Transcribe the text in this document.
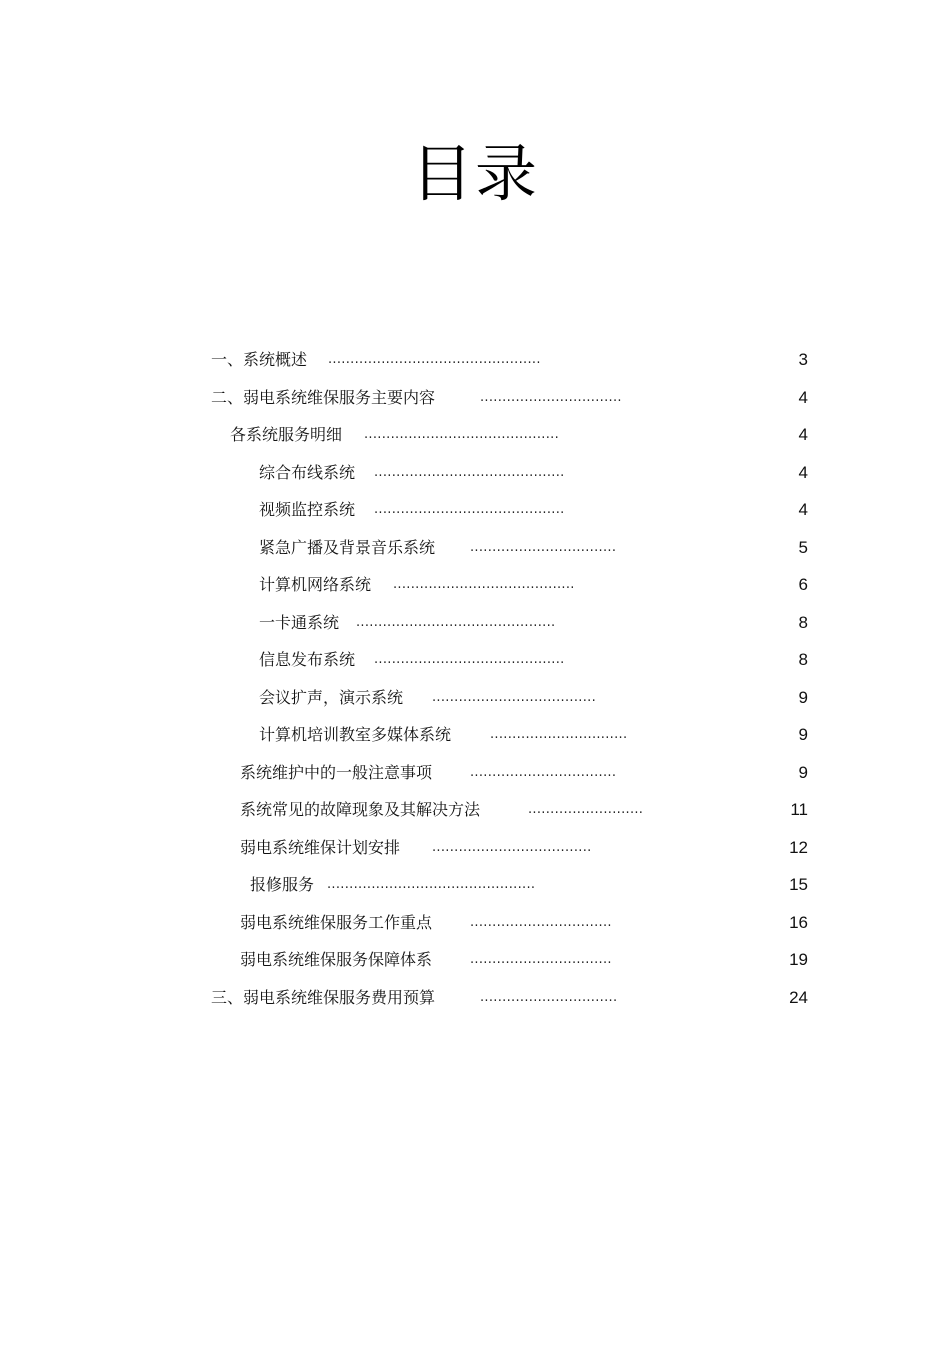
目录
一、系统概述 ................................................	3
二、弱电系统维保服务主要内容	................................	4
各系统服务明细 ............................................	4
综合布线系统 ...........................................	4
视频监控系统 ...........................................	4
紧急广播及背景音乐系统	.................................	5
计算机网络系统 .........................................	6
一卡通系统 .............................................	8
信息发布系统 ...........................................	8
会议扩声，演示系统 .....................................	9
计算机培训教室多媒体系统	...............................	9
系统维护中的一般注意事项	.................................	9
系统常见的故障现象及其解决方法	..........................	11
弱电系统维保计划安排 ....................................	12
报修服务 ...............................................	15
弱电系统维保服务工作重点	................................	16
弱电系统维保服务保障体系	................................	19
三、弱电系统维保服务费用预算	...............................	24
